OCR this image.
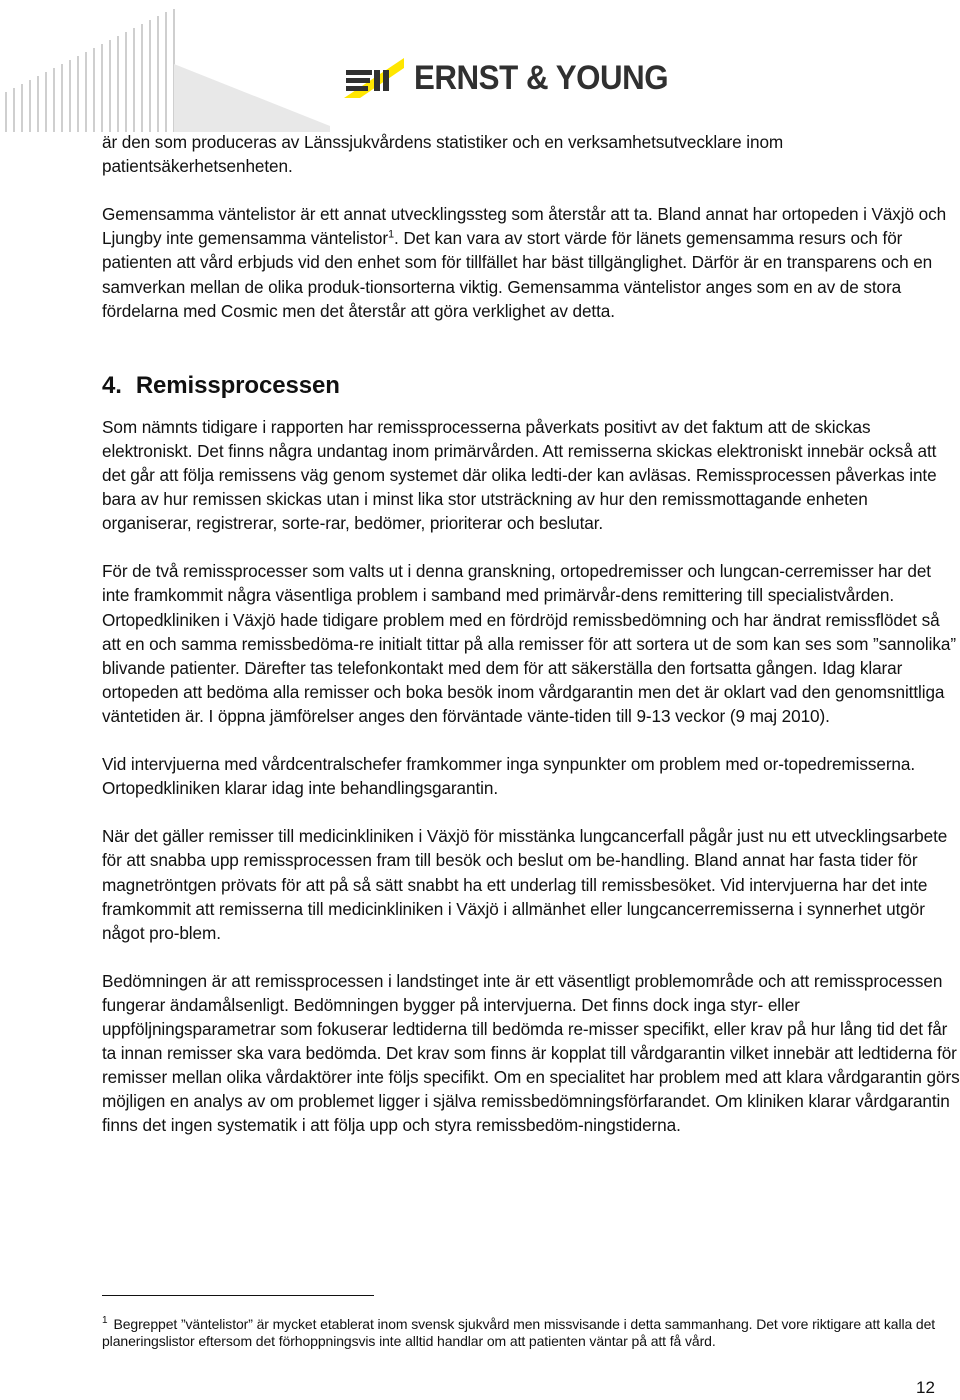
ERNST & YOUNG

är den som produceras av Länssjukvårdens statistiker och en verksamhetsutvecklare inom patientsäkerhetsenheten.

Gemensamma väntelistor är ett annat utvecklingssteg som återstår att ta. Bland annat har ortopeden i Växjö och Ljungby inte gemensamma väntelistor$^1$. Det kan vara av stort värde för länets gemensamma resurs och för patienten att vård erbjuds vid den enhet som för tillfället har bäst tillgänglighet. Därför är en transparens och en samverkan mellan de olika produk-tionsorterna viktig. Gemensamma väntelistor anges som en av de stora fördelarna med Cosmic men det återstår att göra verklighet av detta.

4. Remissprocessen

Som nämnts tidigare i rapporten har remissprocesserna påverkats positivt av det faktum att de skickas elektroniskt. Det finns några undantag inom primärvården. Att remisserna skickas elektroniskt innebär också att det går att följa remissens väg genom systemet där olika ledti-der kan avläsas. Remissprocessen påverkas inte bara av hur remissen skickas utan i minst lika stor utsträckning av hur den remissmottagande enheten organiserar, registrerar, sorte-rar, bedömer, prioriterar och beslutar.

För de två remissprocesser som valts ut i denna granskning, ortopedremisser och lungcan-cerremisser har det inte framkommit några väsentliga problem i samband med primärvår-dens remittering till specialistvården. Ortopedkliniken i Växjö hade tidigare problem med en fördröjd remissbedömning och har ändrat remissflödet så att en och samma remissbedöma-re initialt tittar på alla remisser för att sortera ut de som kan ses som ”sannolika” blivande patienter. Därefter tas telefonkontakt med dem för att säkerställa den fortsatta gången. Idag klarar ortopeden att bedöma alla remisser och boka besök inom vårdgarantin men det är oklart vad den genomsnittliga väntetiden är. I öppna jämförelser anges den förväntade vänte-tiden till 9-13 veckor (9 maj 2010).

Vid intervjuerna med vårdcentralschefer framkommer inga synpunkter om problem med or-topedremisserna. Ortopedkliniken klarar idag inte behandlingsgarantin.

När det gäller remisser till medicinkliniken i Växjö för misstänka lungcancerfall pågår just nu ett utvecklingsarbete för att snabba upp remissprocessen fram till besök och beslut om be-handling. Bland annat har fasta tider för magnetröntgen prövats för att på så sätt snabbt ha ett underlag till remissbesöket. Vid intervjuerna har det inte framkommit att remisserna till medicinkliniken i Växjö i allmänhet eller lungcancerremisserna i synnerhet utgör något pro-blem.

Bedömningen är att remissprocessen i landstinget inte är ett väsentligt problemområde och att remissprocessen fungerar ändamålsenligt. Bedömningen bygger på intervjuerna. Det finns dock inga styr- eller uppföljningsparametrar som fokuserar ledtiderna till bedömda re-misser specifikt, eller krav på hur lång tid det får ta innan remisser ska vara bedömda. Det krav som finns är kopplat till vårdgarantin vilket innebär att ledtiderna för remisser mellan olika vårdaktörer inte följs specifikt. Om en specialitet har problem med att klara vårdgarantin görs möjligen en analys av om problemet ligger i själva remissbedömningsförfarandet. Om kliniken klarar vårdgarantin finns det ingen systematik i att följa upp och styra remissbedöm-ningstiderna.

$^1$ Begreppet ”väntelistor” är mycket etablerat inom svensk sjukvård men missvisande i detta sammanhang. Det vore riktigare att kalla det planeringslistor eftersom det förhoppningsvis inte alltid handlar om att patienten väntar på att få vård.
12
